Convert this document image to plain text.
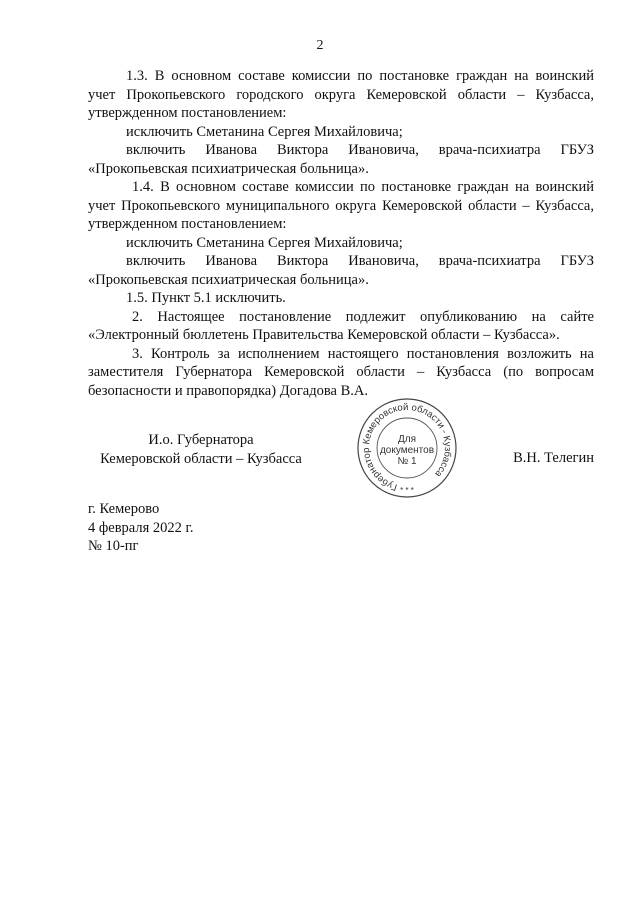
2

1.3. В основном составе комиссии по постановке граждан на воинский учет Прокопьевского городского округа Кемеровской области – Кузбасса, утвержденном постановлением:

исключить Сметанина Сергея Михайловича;

включить Иванова Виктора Ивановича, врача-психиатра ГБУЗ «Прокопьевская психиатрическая больница».

1.4. В основном составе комиссии по постановке граждан на воинский учет Прокопьевского муниципального округа Кемеровской области – Кузбасса, утвержденном постановлением:

исключить Сметанина Сергея Михайловича;

включить Иванова Виктора Ивановича, врача-психиатра ГБУЗ «Прокопьевская психиатрическая больница».

1.5. Пункт 5.1 исключить.

2. Настоящее постановление подлежит опубликованию на сайте «Электронный бюллетень Правительства Кемеровской области – Кузбасса».

3. Контроль за исполнением настоящего постановления возложить на заместителя Губернатора Кемеровской области – Кузбасса (по вопросам безопасности и правопорядка) Догадова В.А.

И.о. Губернатора
Кемеровской области – Кузбасса
Губернатор Кемеровской области - Кузбасса
Для
документов
№ 1
* * *
В.Н. Телегин

г. Кемерово

4 февраля 2022 г.

№ 10-пг
